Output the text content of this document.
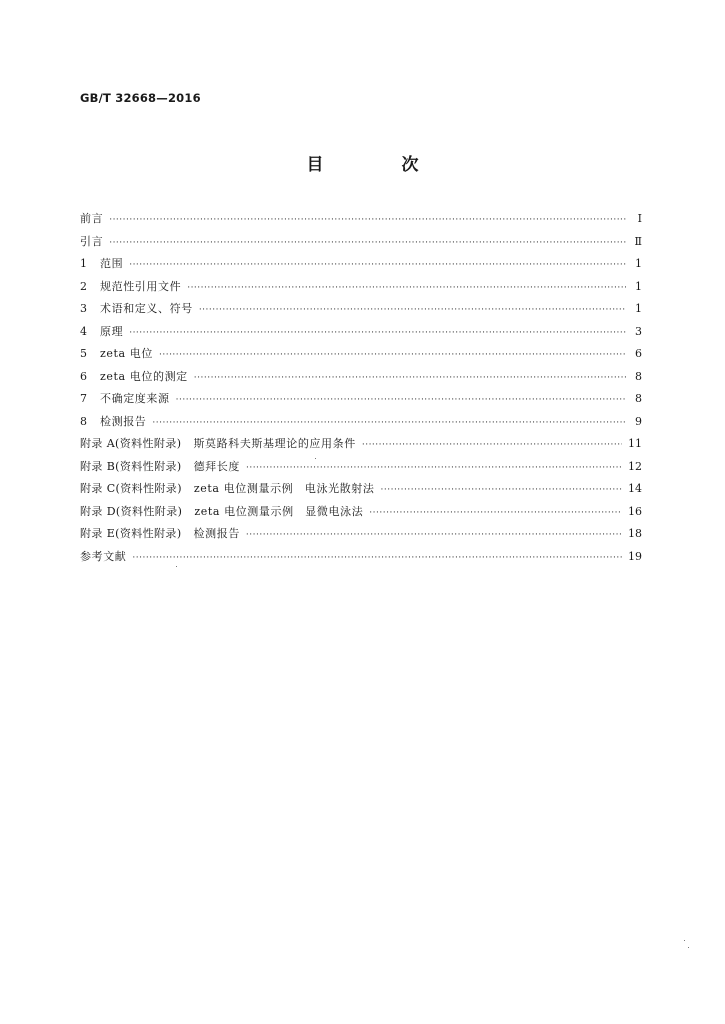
GB/T 32668—2016
目 次
前言 ·····	Ⅰ
引言 ·····	Ⅱ
1	范围 ·····	1
2	规范性引用文件 ·····	1
3	术语和定义、符号 ·····	1
4	原理 ·····	3
5	zeta 电位 ·····	6
6	zeta 电位的测定 ·····	8
7	不确定度来源 ·····	8
8	检测报告 ·····	9
附录 A(资料性附录) 斯莫路科夫斯基理论的应用条件 ·····	11
附录 B(资料性附录) 德拜长度 ·····	12
附录 C(资料性附录) zeta 电位测量示例　电泳光散射法 ·····	14
附录 D(资料性附录) zeta 电位测量示例　显微电泳法 ·····	16
附录 E(资料性附录) 检测报告 ·····	18
参考文献 ·····	19
